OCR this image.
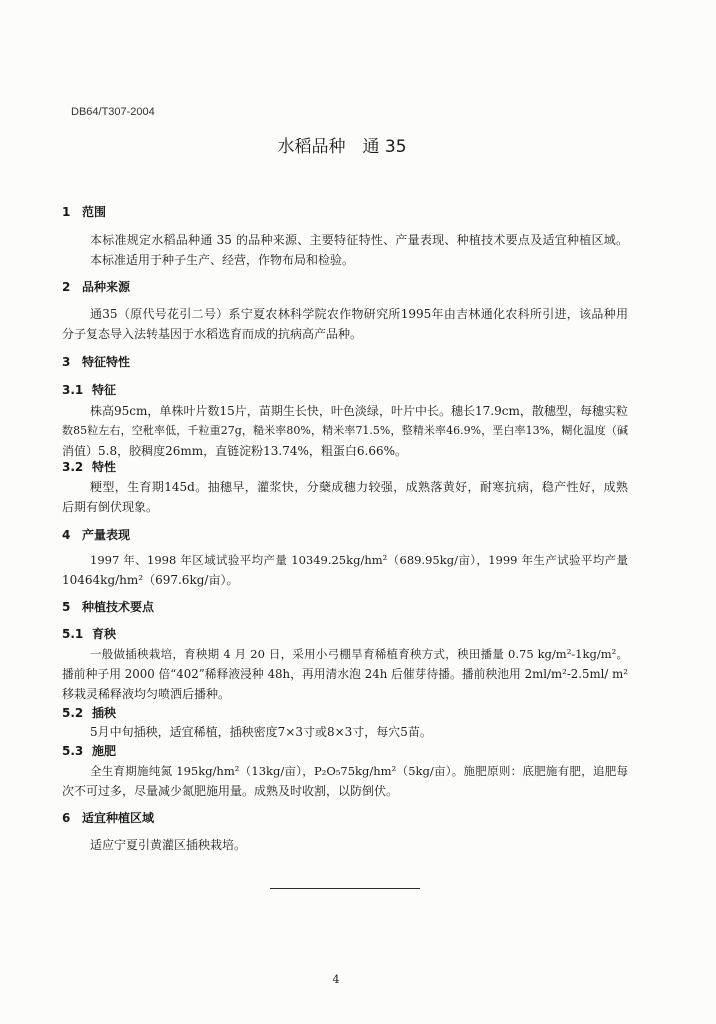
DB64/T307-2004
水稻品种　通 35
1 范围
本标准规定水稻品种通 35 的品种来源、主要特征特性、产量表现、种植技术要点及适宜种植区域。
本标准适用于种子生产、经营，作物布局和检验。
2 品种来源
通35（原代号花引二号）系宁夏农林科学院农作物研究所1995年由吉林通化农科所引进，该品种用
分子复态导入法转基因于水稻选育而成的抗病高产品种。
3 特征特性
3.1 特征
株高95cm，单株叶片数15片，苗期生长快，叶色淡绿，叶片中长。穗长17.9cm，散穗型，每穗实粒
数85粒左右，空秕率低，千粒重27g，糙米率80%，精米率71.5%，整精米率46.9%，垩白率13%，糊化温度（碱
消值）5.8，胶稠度26mm，直链淀粉13.74%，粗蛋白6.66%。
3.2 特性
粳型，生育期145d。抽穗早，灌浆快，分蘖成穗力较强，成熟落黄好，耐寒抗病，稳产性好，成熟
后期有倒伏现象。
4 产量表现
1997 年、1998 年区域试验平均产量 10349.25kg/hm²（689.95kg/亩），1999 年生产试验平均产量
10464kg/hm²（697.6kg/亩）。
5 种植技术要点
5.1 育秧
一般做插秧栽培，育秧期 4 月 20 日，采用小弓棚旱育稀植育秧方式，秧田播量 0.75 kg/m²-1kg/m²。
播前种子用 2000 倍“402”稀释液浸种 48h，再用清水泡 24h 后催芽待播。播前秧池用 2ml/m²-2.5ml/ m²
移栽灵稀释液均匀喷洒后播种。
5.2 插秧
5月中旬插秧，适宜稀植，插秧密度7×3寸或8×3寸，每穴5苗。
5.3 施肥
全生育期施纯氮 195kg/hm²（13kg/亩），P₂O₅75kg/hm²（5kg/亩）。施肥原则：底肥施有肥，追肥每
次不可过多，尽量减少氮肥施用量。成熟及时收割，以防倒伏。
6 适宜种植区域
适应宁夏引黄灌区插秧栽培。
4
